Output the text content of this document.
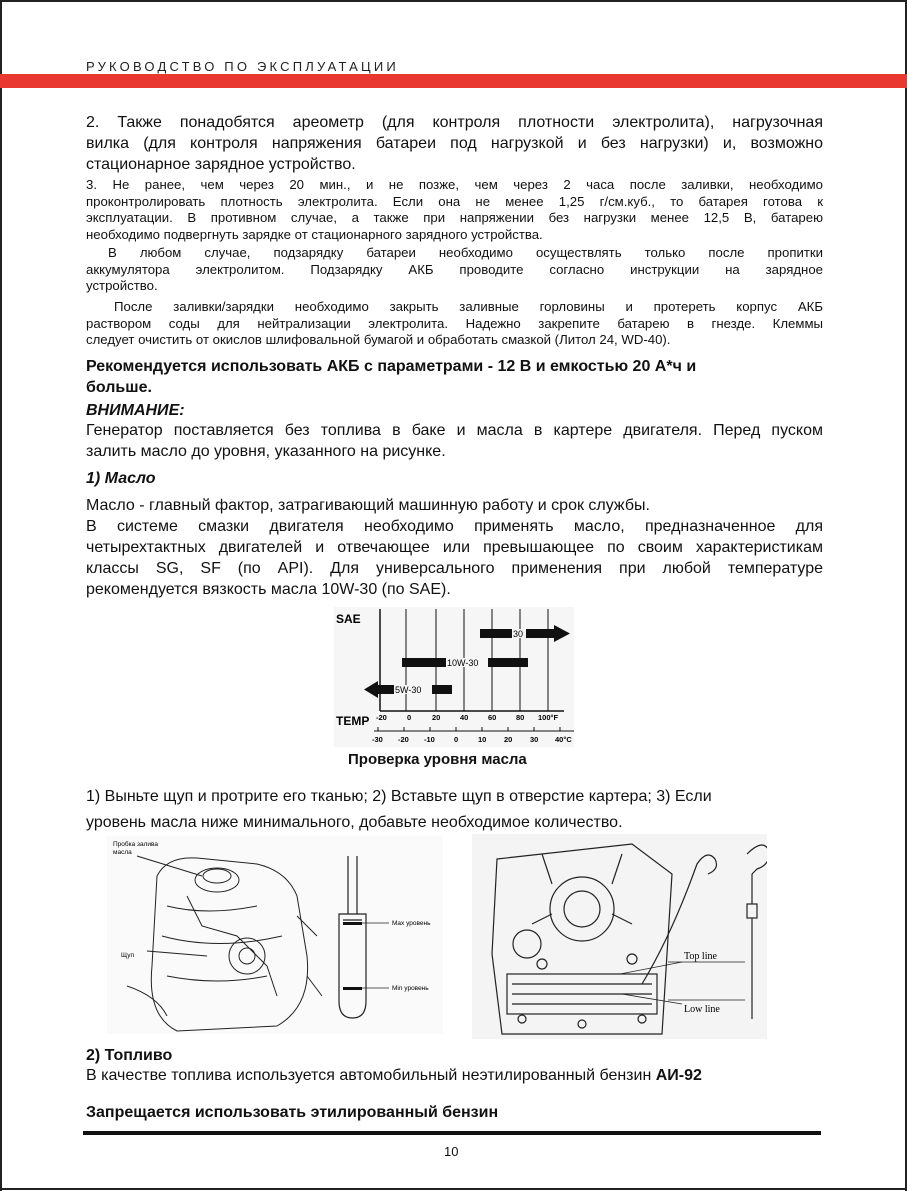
РУКОВОДСТВО ПО ЭКСПЛУАТАЦИИ
2. Также понадобятся ареометр (для контроля плотности электролита), нагрузочная
вилка (для контроля напряжения батареи под нагрузкой и без нагрузки) и, возможно
стационарное зарядное устройство.
3. Не ранее, чем через 20 мин., и не позже, чем через 2 часа после заливки, необходимо
проконтролировать плотность электролита. Если она не менее 1,25 г/см.куб., то батарея готова к
эксплуатации. В противном случае, а также при напряжении без нагрузки менее 12,5 В, батарею
необходимо подвергнуть зарядке от стационарного зарядного устройства.
В любом случае, подзарядку батареи необходимо осуществлять только после пропитки
аккумулятора электролитом. Подзарядку АКБ проводите согласно инструкции на зарядное
устройство.
После заливки/зарядки необходимо закрыть заливные горловины и протереть корпус АКБ
раствором соды для нейтрализации электролита. Надежно закрепите батарею в гнезде. Клеммы
следует очистить от окислов шлифовальной бумагой и обработать смазкой (Литол 24, WD-40).
Рекомендуется использовать АКБ с параметрами - 12 В и емкостью 20 А*ч и
больше.
ВНИМАНИЕ:
Генератор поставляется без топлива в баке и масла в картере двигателя. Перед пуском
залить масло до уровня, указанного на рисунке.
1) Масло
Масло - главный фактор, затрагивающий машинную работу и срок службы.
В системе смазки двигателя необходимо применять масло, предназначенное для
четырехтактных двигателей и отвечающее или превышающее по своим характеристикам
классы SG, SF (по API). Для универсального применения при любой температуре
рекомендуется вязкость масла 10W-30 (по SAE).
SAE
30
10W-30
5W-30
TEMP -20	0	20	40	60	80 100°F
-30 -20 -10	0	10 20 30 40°C
Проверка уровня масла
1) Выньте щуп и протрите его тканью; 2) Вставьте щуп в отверстие картера; 3) Если
уровень масла ниже минимального, добавьте необходимое количество.
Пробка залива
масла
Щуп
Max уровень
Min уровень
Top line
Low line
2) Топливо
В качестве топлива используется автомобильный неэтилированный бензин АИ-92
Запрещается использовать этилированный бензин
10
